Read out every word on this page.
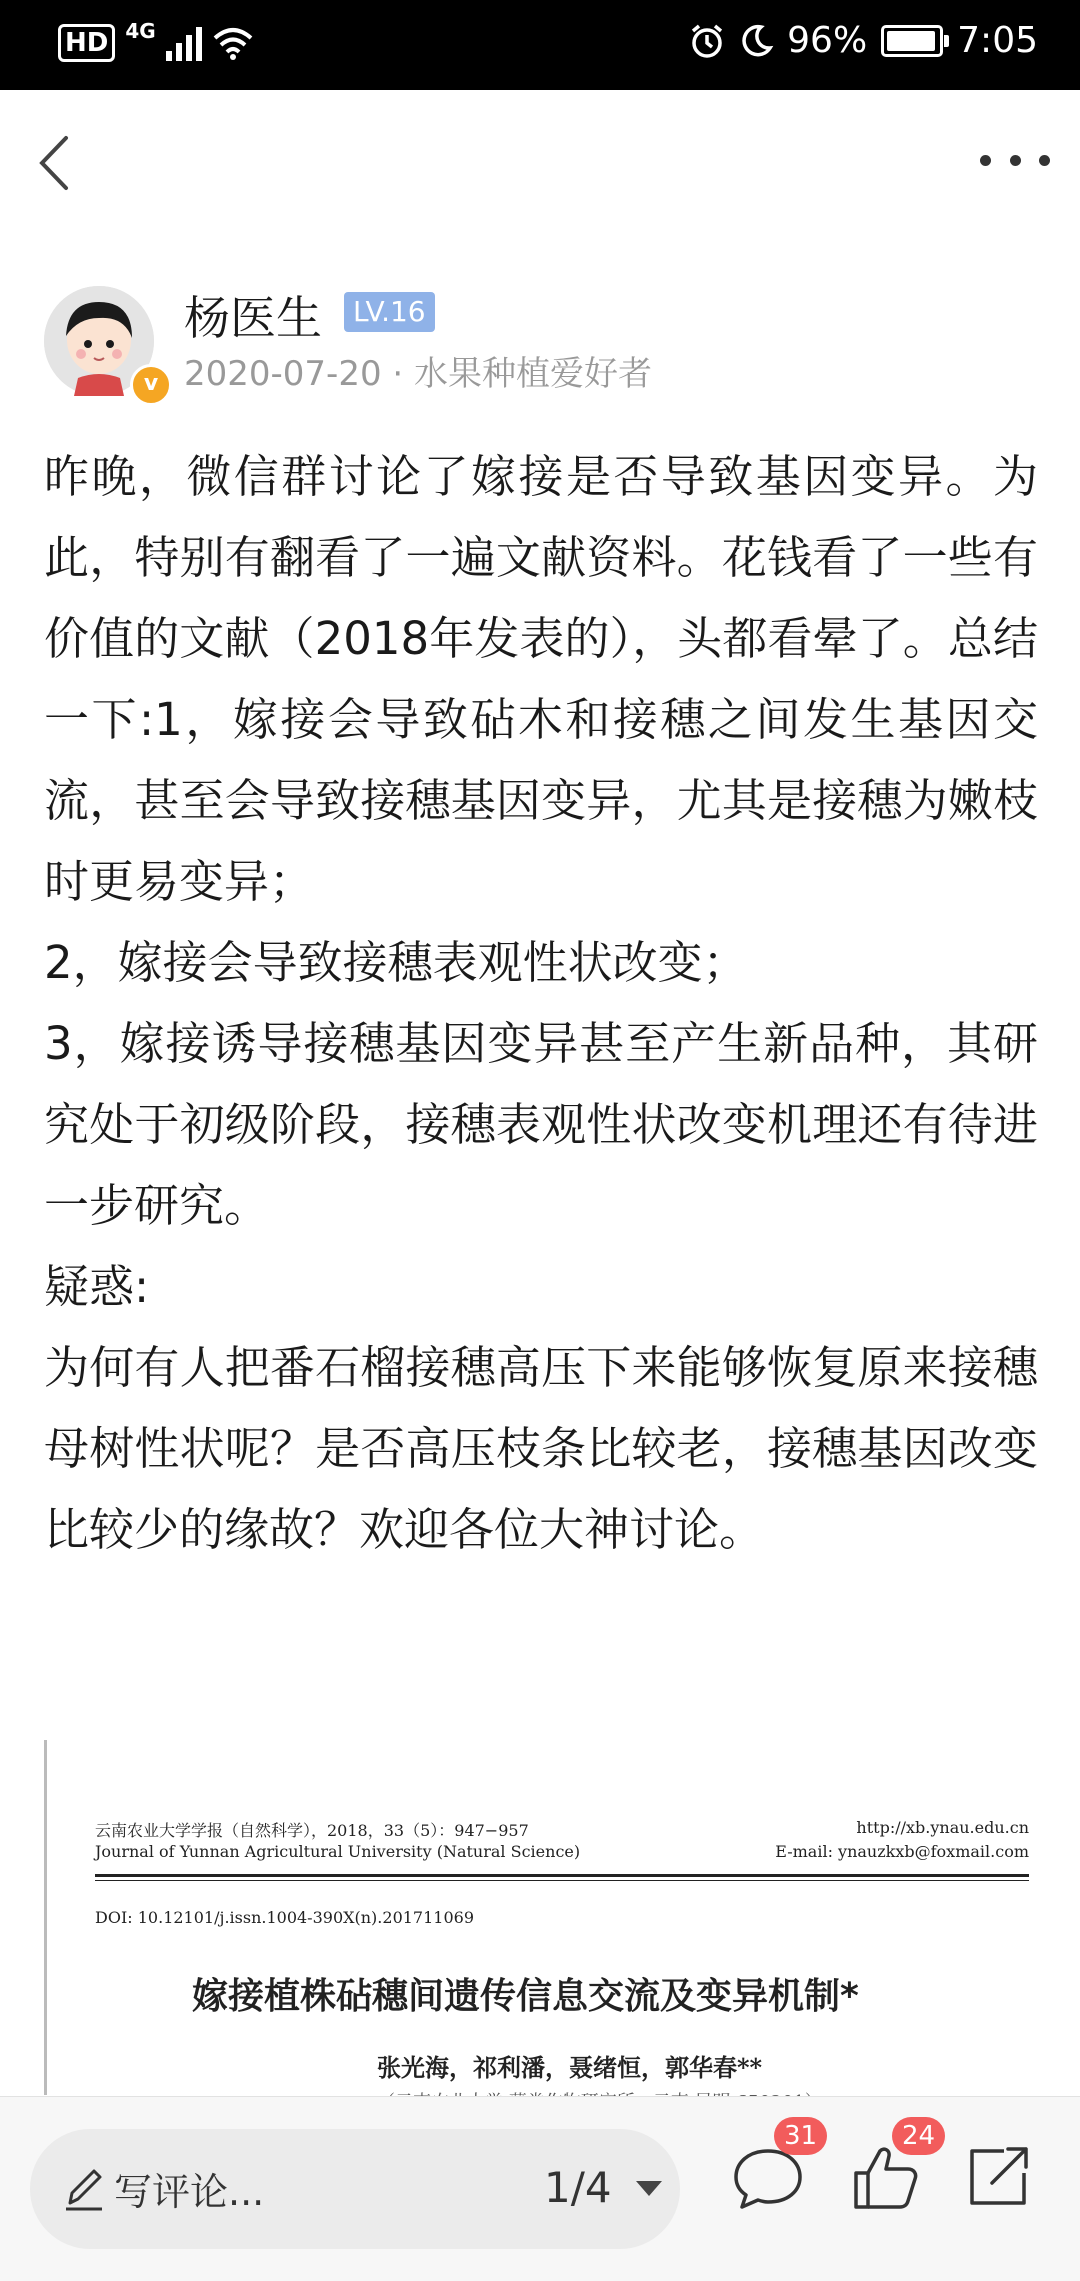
HD 4G	96%	7:05
v
杨医生	LV.16
2020-07-20 · 水果种植爱好者

昨晚，微信群讨论了嫁接是否导致基因变异。为此，特别有翻看了一遍文献资料。花钱看了一些有价值的文献（2018年发表的），头都看晕了。总结一下:1，嫁接会导致砧木和接穗之间发生基因交流，甚至会导致接穗基因变异，尤其是接穗为嫩枝时更易变异；

2，嫁接会导致接穗表观性状改变；

3，嫁接诱导接穗基因变异甚至产生新品种，其研究处于初级阶段，接穗表观性状改变机理还有待进一步研究。

疑惑:

为何有人把番石榴接穗高压下来能够恢复原来接穗母树性状呢？是否高压枝条比较老，接穗基因改变比较少的缘故？欢迎各位大神讨论。

云南农业大学学报（自然科学），2018，33（5）：947−957	http://xb.ynau.edu.cn
Journal of Yunnan Agricultural University (Natural Science)	E-mail: ynauzkxb@foxmail.com
DOI: 10.12101/j.issn.1004-390X(n).201711069
嫁接植株砧穗间遗传信息交流及变异机制*
张光海，祁利潘，聂绪恒，郭华春**
写评论...	1/4
31	24
